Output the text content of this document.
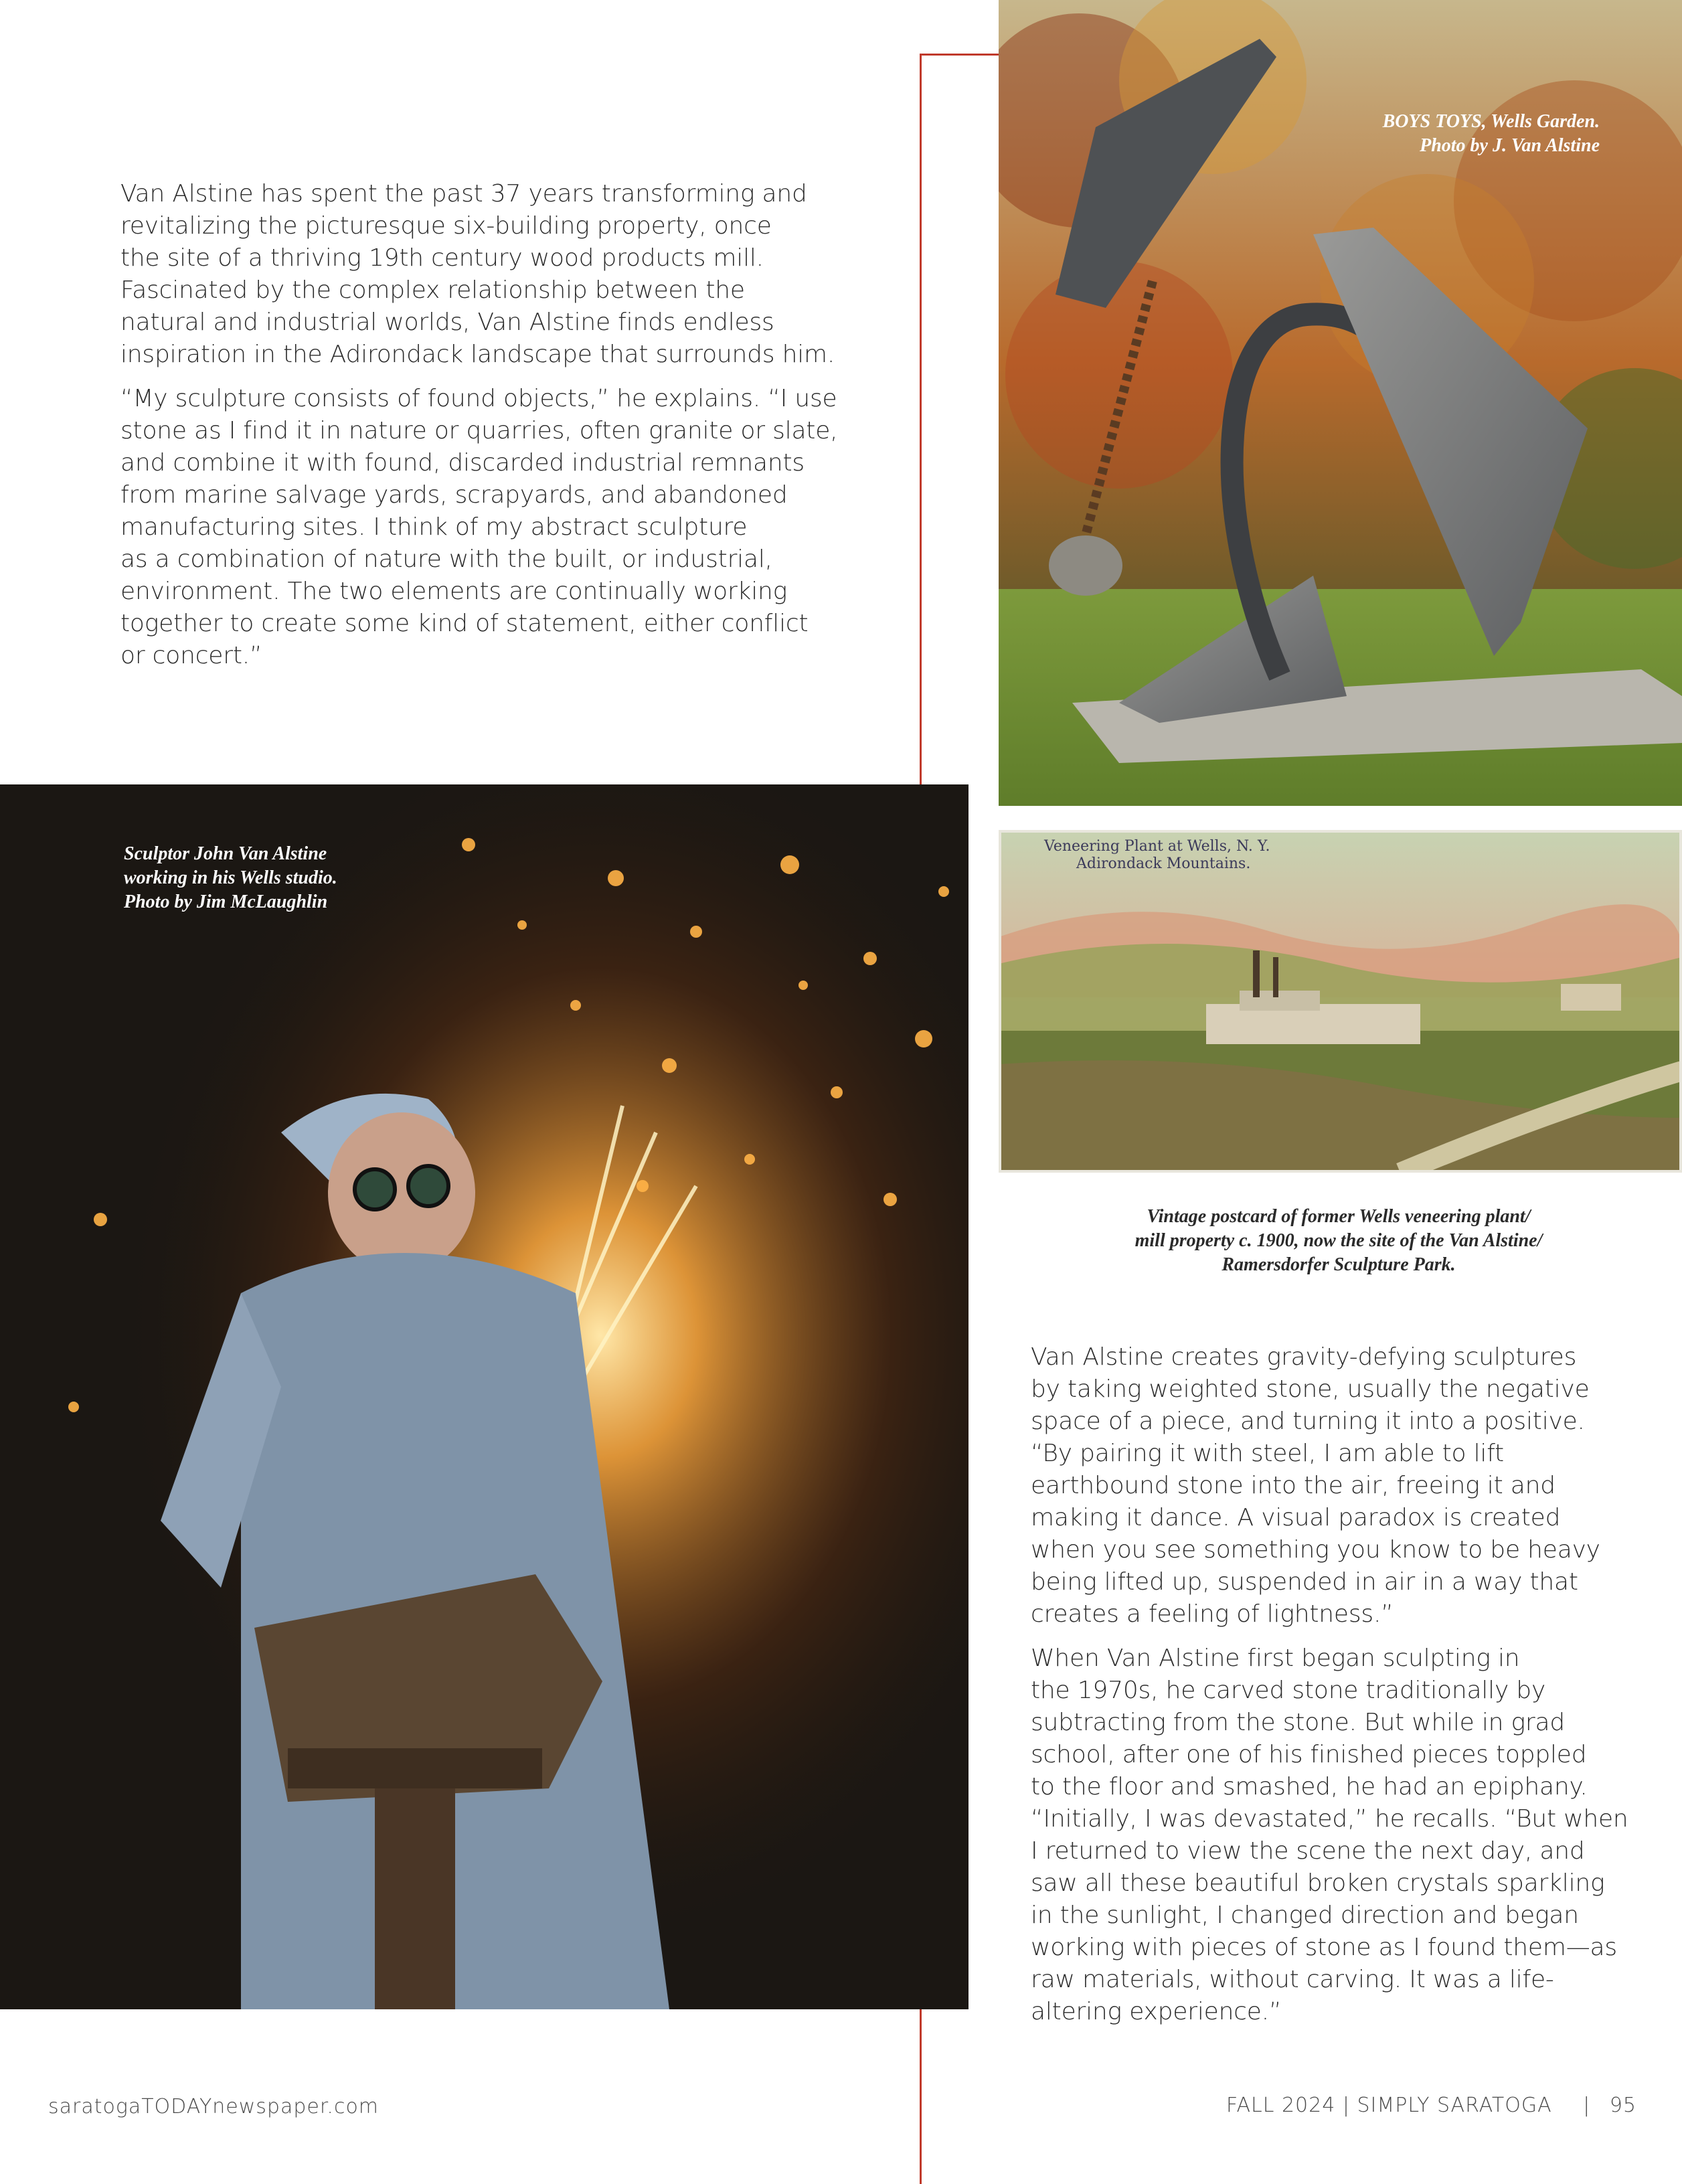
Van Alstine has spent the past 37 years transforming and
revitalizing the picturesque six-building property, once
the site of a thriving 19th century wood products mill.
Fascinated by the complex relationship between the
natural and industrial worlds, Van Alstine finds endless
inspiration in the Adirondack landscape that surrounds him.

“My sculpture consists of found objects,” he explains. “I use
stone as I find it in nature or quarries, often granite or slate,
and combine it with found, discarded industrial remnants
from marine salvage yards, scrapyards, and abandoned
manufacturing sites. I think of my abstract sculpture
as a combination of nature with the built, or industrial,
environment. The two elements are continually working
together to create some kind of statement, either conflict
or concert.”

BOYS TOYS, Wells Garden.
Photo by J. Van Alstine
Veneering Plant at Wells, N. Y.
Adirondack Mountains.
Vintage postcard of former Wells veneering plant/
mill property c. 1900, now the site of the Van Alstine/
Ramersdorfer Sculpture Park.
Sculptor John Van Alstine
working in his Wells studio.
Photo by Jim McLaughlin

Van Alstine creates gravity-defying sculptures
by taking weighted stone, usually the negative
space of a piece, and turning it into a positive.
“By pairing it with steel, I am able to lift
earthbound stone into the air, freeing it and
making it dance. A visual paradox is created
when you see something you know to be heavy
being lifted up, suspended in air in a way that
creates a feeling of lightness.”

When Van Alstine first began sculpting in
the 1970s, he carved stone traditionally by
subtracting from the stone. But while in grad
school, after one of his finished pieces toppled
to the floor and smashed, he had an epiphany.
“Initially, I was devastated,” he recalls. “But when
I returned to view the scene the next day, and
saw all these beautiful broken crystals sparkling
in the sunlight, I changed direction and began
working with pieces of stone as I found them—as
raw materials, without carving. It was a life-
altering experience.”

saratogaTODAYnewspaper.com	FALL 2024 | SIMPLY SARATOGA | 95
